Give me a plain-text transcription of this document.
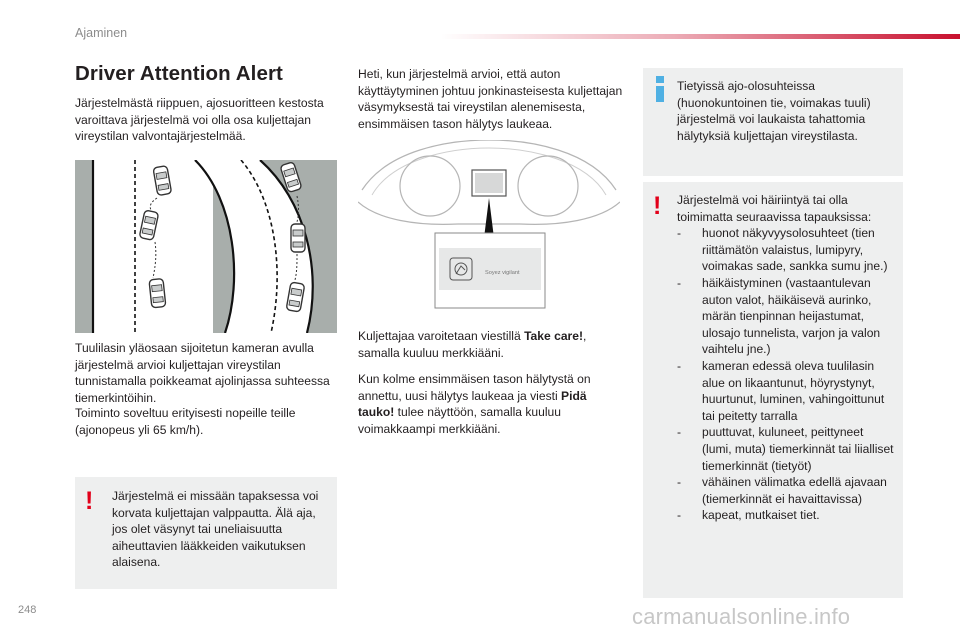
Ajaminen
Driver Attention Alert
Järjestelmästä riippuen, ajosuoritteen kestosta varoittava järjestelmä voi olla osa kuljettajan vireystilan valvontajärjestelmää.
Tuulilasin yläosaan sijoitetun kameran avulla järjestelmä arvioi kuljettajan vireystilan tunnistamalla poikkeamat ajolinjassa suhteessa tiemerkintöihin.
Toiminto soveltuu erityisesti nopeille teille (ajonopeus yli 65 km/h).
! Järjestelmä ei missään tapaksessa voi korvata kuljettajan valppautta. Älä aja, jos olet väsynyt tai uneliaisuutta aiheuttavien lääkkeiden vaikutuksen alaisena.
Heti, kun järjestelmä arvioi, että auton käyttäytyminen johtuu jonkinasteisesta kuljettajan väsymyksestä tai vireystilan alenemisesta, ensimmäisen tason hälytys laukeaa.
Soyez vigilant
Kuljettajaa varoitetaan viestillä Take care!, samalla kuuluu merkkiääni.
Kun kolme ensimmäisen tason hälytystä on annettu, uusi hälytys laukeaa ja viesti Pidä tauko! tulee näyttöön, samalla kuuluu voimakkaampi merkkiääni.
Tietyissä ajo-olosuhteissa (huonokuntoinen tie, voimakas tuuli) järjestelmä voi laukaista tahattomia hälytyksiä kuljettajan vireystilasta.
! Järjestelmä voi häiriintyä tai olla toimimatta seuraavissa tapauksissa:
- huonot näkyvyysolosuhteet (tien riittämätön valaistus, lumipyry, voimakas sade, sankka sumu jne.)
- häikäistyminen (vastaantulevan auton valot, häikäisevä aurinko, märän tienpinnan heijastumat, ulosajo tunnelista, varjon ja valon vaihtelu jne.)
- kameran edessä oleva tuulilasin alue on likaantunut, höyrystynyt, huurtunut, luminen, vahingoittunut tai peitetty tarralla
- puuttuvat, kuluneet, peittyneet (lumi, muta) tiemerkinnät tai liialliset tiemerkinnät (tietyöt)
- vähäinen välimatka edellä ajavaan (tiemerkinnät ei havaittavissa)
- kapeat, mutkaiset tiet.
248	carmanualsonline.info
